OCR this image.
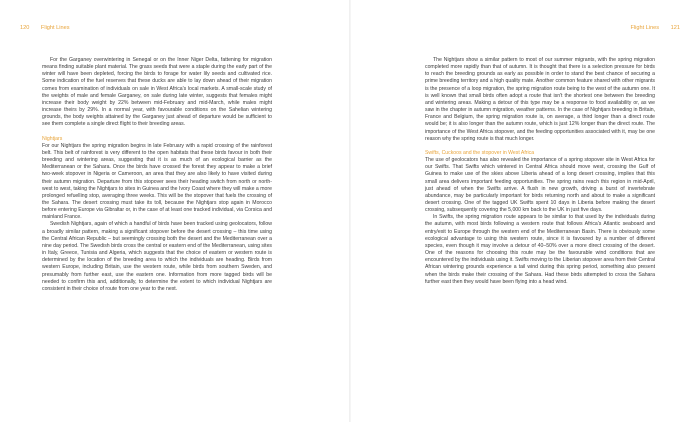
120 Flight Lines

For the Garganey overwintering in Senegal or on the Inner Niger Delta, fattening for migration means finding suitable plant material. The grass seeds that were a staple during the early part of the winter will have been depleted, forcing the birds to forage for water lily seeds and cultivated rice. Some indication of the fuel reserves that these ducks are able to lay down ahead of their migration comes from examination of individuals on sale in West Africa's local markets. A small-scale study of the weights of male and female Garganey, on sale during late winter, suggests that females might increase their body weight by 22% between mid-February and mid-March, while males might increase theirs by 29%. In a normal year, with favourable conditions on the Sahelian wintering grounds, the body weights attained by the Garganey just ahead of departure would be sufficient to see them complete a single direct flight to their breeding areas.

Nightjars

For our Nightjars the spring migration begins in late February with a rapid crossing of the rainforest belt. This belt of rainforest is very different to the open habitats that these birds favour in both their breeding and wintering areas, suggesting that it is as much of an ecological barrier as the Mediterranean or the Sahara. Once the birds have crossed the forest they appear to make a brief two-week stopover in Nigeria or Cameroon, an area that they are also likely to have visited during their autumn migration. Departure from this stopover sees their heading switch from north or north-west to west, taking the Nightjars to sites in Guinea and the Ivory Coast where they will make a more prolonged refuelling stop, averaging three weeks. This will be the stopover that fuels the crossing of the Sahara. The desert crossing must take its toll, because the Nightjars stop again in Morocco before entering Europe via Gibraltar or, in the case of at least one tracked individual, via Corsica and mainland France.

Swedish Nightjars, again of which a handful of birds have been tracked using geolocators, follow a broadly similar pattern, making a significant stopover before the desert crossing – this time using the Central African Republic – but seemingly crossing both the desert and the Mediterranean over a nine day period. The Swedish birds cross the central or eastern end of the Mediterranean, using sites in Italy, Greece, Tunisia and Algeria, which suggests that the choice of eastern or western route is determined by the location of the breeding area to which the individuals are heading. Birds from western Europe, including Britain, use the western route, while birds from southern Sweden, and presumably from further east, use the eastern one. Information from more tagged birds will be needed to confirm this and, additionally, to determine the extent to which individual Nightjars are consistent in their choice of route from one year to the next.

Flight Lines 121

The Nightjars show a similar pattern to most of our summer migrants, with the spring migration completed more rapidly than that of autumn. It is thought that there is a selection pressure for birds to reach the breeding grounds as early as possible in order to stand the best chance of securing a prime breeding territory and a high quality mate. Another common feature shared with other migrants is the presence of a loop migration, the spring migration route being to the west of the autumn one. It is well known that small birds often adopt a route that isn't the shortest one between the breeding and wintering areas. Making a detour of this type may be a response to food availability or, as we saw in the chapter in autumn migration, weather patterns. In the case of Nightjars breeding in Britain, France and Belgium, the spring migration route is, on average, a third longer than a direct route would be; it is also longer than the autumn route, which is just 12% longer than the direct route. The importance of the West Africa stopover, and the feeding opportunities associated with it, may be one reason why the spring route is that much longer.

Swifts, Cuckoos and the stopover in West Africa

The use of geolocators has also revealed the importance of a spring stopover site in West Africa for our Swifts. That Swifts which wintered in Central Africa should move west, crossing the Gulf of Guinea to make use of the skies above Liberia ahead of a long desert crossing, implies that this small area delivers important feeding opportunities. The spring rains reach this region in mid-April, just ahead of when the Swifts arrive. A flush in new growth, driving a burst of invertebrate abundance, may be particularly important for birds returning north and about to make a significant desert crossing. One of the tagged UK Swifts spent 10 days in Liberia before making the desert crossing, subsequently covering the 5,000 km back to the UK in just five days.

In Swifts, the spring migration route appears to be similar to that used by the individuals during the autumn, with most birds following a western route that follows Africa's Atlantic seaboard and entry/exit to Europe through the western end of the Mediterranean Basin. There is obviously some ecological advantage to using this western route, since it is favoured by a number of different species, even though it may involve a detour of 40–50% over a more direct crossing of the desert. One of the reasons for choosing this route may be the favourable wind conditions that are encountered by the individuals using it. Swifts moving to the Liberian stopover area from their Central African wintering grounds experience a tail wind during this spring period, something also present when the birds make their crossing of the Sahara. Had these birds attempted to cross the Sahara further east then they would have been flying into a head wind.
